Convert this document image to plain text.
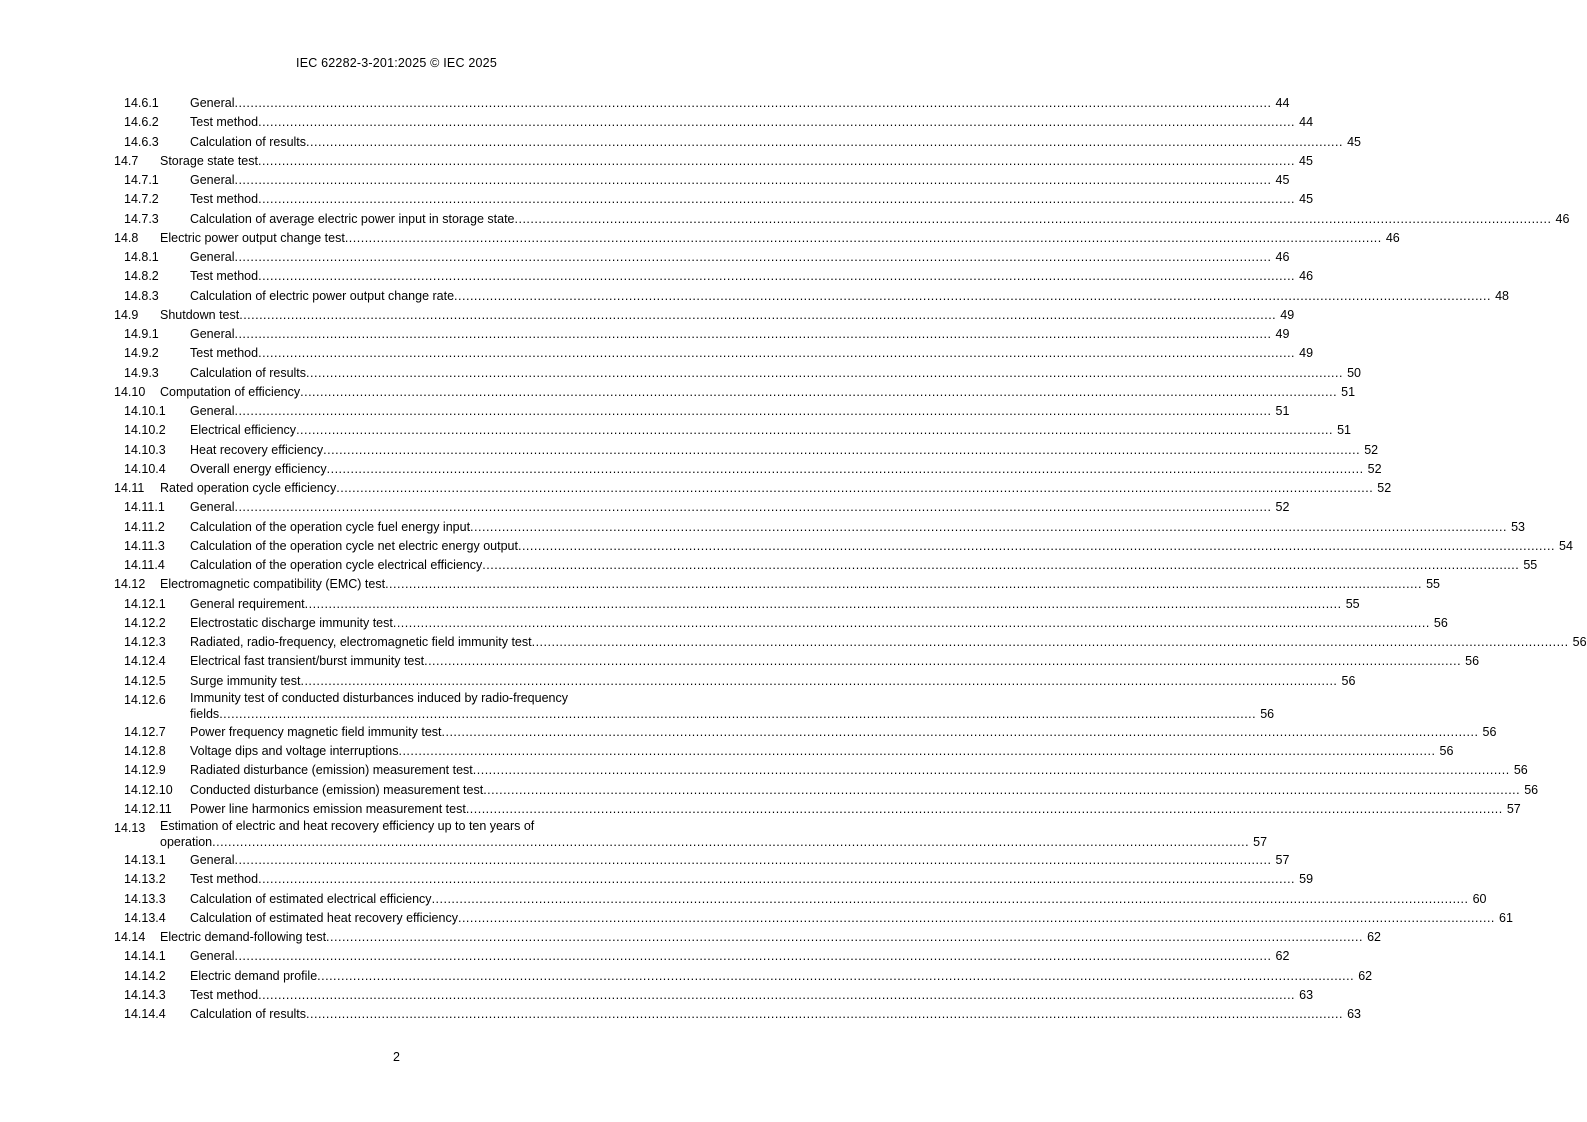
IEC 62282-3-201:2025 © IEC 2025
14.6.1	General .....	44
14.6.2	Test method .....	44
14.6.3	Calculation of results .....	45
14.7	Storage state test .....	45
14.7.1	General .....	45
14.7.2	Test method .....	45
14.7.3	Calculation of average electric power input in storage state .....	46
14.8	Electric power output change test .....	46
14.8.1	General .....	46
14.8.2	Test method .....	46
14.8.3	Calculation of electric power output change rate .....	48
14.9	Shutdown test .....	49
14.9.1	General .....	49
14.9.2	Test method .....	49
14.9.3	Calculation of results .....	50
14.10	Computation of efficiency .....	51
14.10.1	General .....	51
14.10.2	Electrical efficiency .....	51
14.10.3	Heat recovery efficiency .....	52
14.10.4	Overall energy efficiency .....	52
14.11	Rated operation cycle efficiency .....	52
14.11.1	General .....	52
14.11.2	Calculation of the operation cycle fuel energy input .....	53
14.11.3	Calculation of the operation cycle net electric energy output .....	54
14.11.4	Calculation of the operation cycle electrical efficiency .....	55
14.12	Electromagnetic compatibility (EMC) test .....	55
14.12.1	General requirement .....	55
14.12.2	Electrostatic discharge immunity test .....	56
14.12.3	Radiated, radio-frequency, electromagnetic field immunity test .....	56
14.12.4	Electrical fast transient/burst immunity test .....	56
14.12.5	Surge immunity test .....	56
14.12.6	Immunity test of conducted disturbances induced by radio-frequency
fields .....	56
14.12.7	Power frequency magnetic field immunity test .....	56
14.12.8	Voltage dips and voltage interruptions .....	56
14.12.9	Radiated disturbance (emission) measurement test .....	56
14.12.10	Conducted disturbance (emission) measurement test .....	56
14.12.11	Power line harmonics emission measurement test .....	57
14.13	Estimation of electric and heat recovery efficiency up to ten years of
operation .....	57
14.13.1	General .....	57
14.13.2	Test method .....	59
14.13.3	Calculation of estimated electrical efficiency .....	60
14.13.4	Calculation of estimated heat recovery efficiency .....	61
14.14	Electric demand-following test .....	62
14.14.1	General .....	62
14.14.2	Electric demand profile .....	62
14.14.3	Test method .....	63
14.14.4	Calculation of results .....	63
2
